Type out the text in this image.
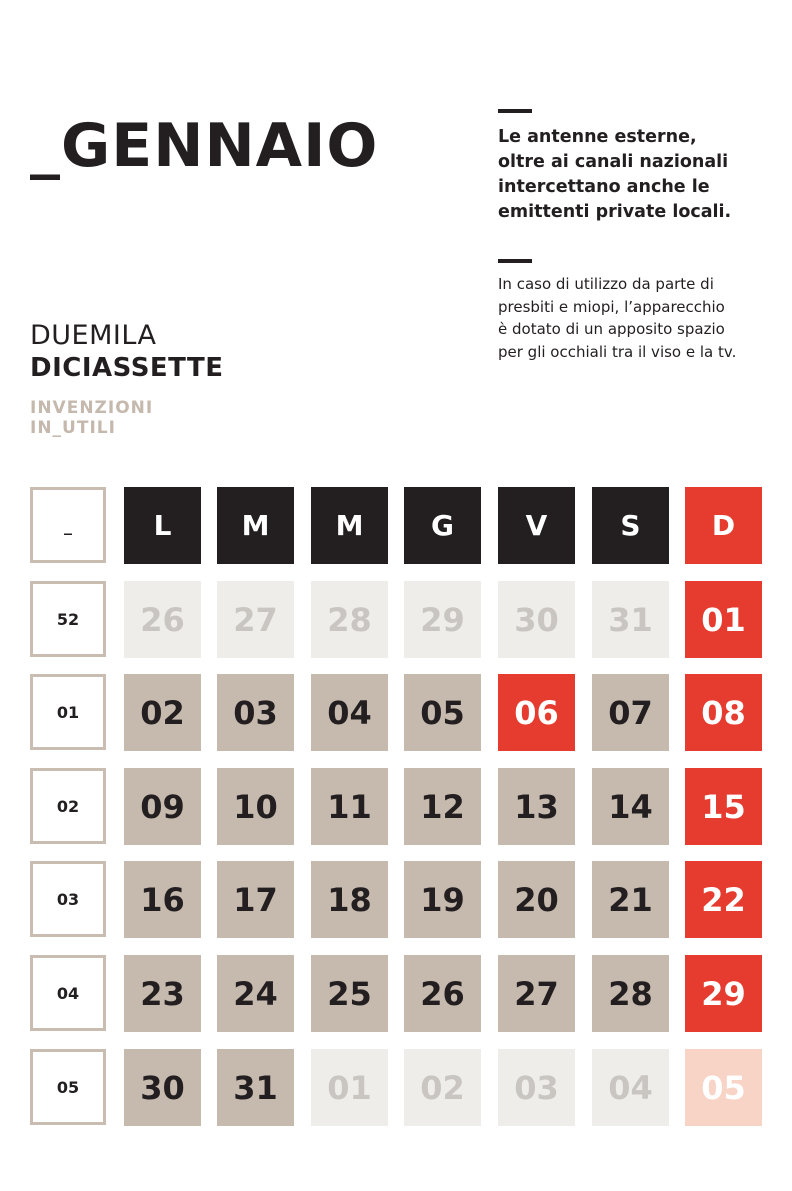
_GENNAIO	Le antenne esterne,
oltre ai canali nazionali
intercettano anche le
emittenti private locali.
In caso di utilizzo da parte di
presbiti e miopi, l’apparecchio
è dotato di un apposito spazio
per gli occhiali tra il viso e la tv.
DUEMILA
DICIASSETTE
INVENZIONI
IN_UTILI
_	L	M	M	G	V	S	D
52	26	27	28	29	30	31	01
01	02	03	04	05	06	07	08
02	09	10	11	12	13	14	15
03	16	17	18	19	20	21	22
04	23	24	25	26	27	28	29
05	30	31	01	02	03	04	05
